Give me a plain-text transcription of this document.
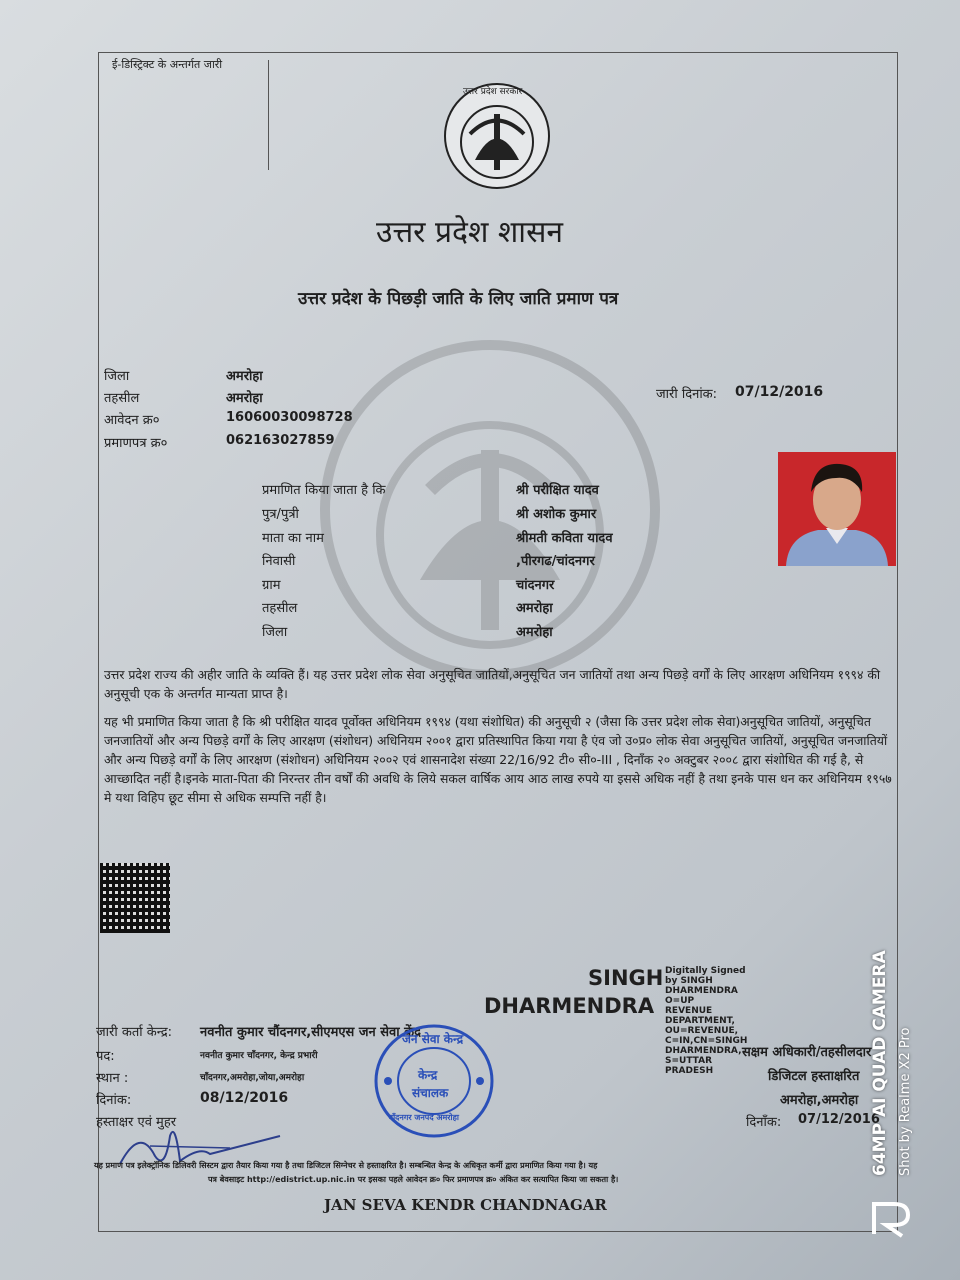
ई-डिस्ट्रिक्ट के अन्तर्गत जारी
उत्तर प्रदेश सरकार
उत्तर प्रदेश शासन
उत्तर प्रदेश के पिछड़ी जाति के लिए जाति प्रमाण पत्र
जिला	अमरोहा
तहसील	अमरोहा
आवेदन क्र०	16060030098728
प्रमाणपत्र क्र०	062163027859
जारी दिनांक: 07/12/2016
प्रमाणित किया जाता है कि	श्री परीक्षित यादव
पुत्र/पुत्री	श्री अशोक कुमार
माता का नाम	श्रीमती कविता यादव
निवासी	,पीरगढ/चांदनगर
ग्राम	चांदनगर
तहसील	अमरोहा
जिला	अमरोहा
उत्तर प्रदेश राज्य की अहीर जाति के व्यक्ति हैं। यह उत्तर प्रदेश लोक सेवा अनुसूचित जातियों,अनुसूचित जन जातियों तथा अन्य पिछड़े वर्गों के लिए आरक्षण अधिनियम १९९४ की अनुसूची एक के अन्तर्गत मान्यता प्राप्त है।
यह भी प्रमाणित किया जाता है कि श्री परीक्षित यादव पूर्वोक्त अधिनियम १९९४ (यथा संशोधित) की अनुसूची २ (जैसा कि उत्तर प्रदेश लोक सेवा)अनुसूचित जातियों, अनुसूचित जनजातियों और अन्य पिछड़े वर्गों के लिए आरक्षण (संशोधन) अधिनियम २००१ द्वारा प्रतिस्थापित किया गया है एंव जो उ०प्र० लोक सेवा अनुसूचित जातियों, अनुसूचित जनजातियों और अन्य पिछड़े वर्गों के लिए आरक्षण (संशोधन) अधिनियम २००२ एवं शासनादेश संख्या 22/16/92 टी० सी०-III , दिनाँक २० अक्टुबर २००८ द्वारा संशोधित की गई है, से आच्छादित नहीं है।इनके माता-पिता की निरन्तर तीन वर्षों की अवधि के लिये सकल वार्षिक आय आठ लाख रुपये या इससे अधिक नहीं है तथा इनके पास धन कर अधिनियम १९५७ मे यथा विहिप छूट सीमा से अधिक सम्पत्ति नहीं है।
SINGH
DHARMENDRA
Digitally Signed
by SINGH
DHARMENDRA
O=UP
REVENUE
DEPARTMENT,
OU=REVENUE,
C=IN,CN=SINGH
DHARMENDRA,
S=UTTAR
PRADESH
जारी कर्ता केन्द्र: नवनीत कुमार चौंदनगर,सीएमएस जन सेवा केंद्र
पद:	नवनीत कुमार चाँदनगर, केन्द्र प्रभारी
स्थान :	चाँदनगर,अमरोहा,जोया,अमरोहा
दिनांक:	08/12/2016
हस्ताक्षर एवं मुहर
जन सेवा केन्द्र
केन्द्र
संचालक
चाँदनगर जनपद अमरोहा
सक्षम अधिकारी/तहसीलदार
डिजिटल हस्ताक्षरित
अमरोहा,अमरोहा
दिनाँक: 07/12/2016
यह प्रमाण पत्र इलेक्ट्रॉनिक डिलिवरी सिस्टम द्वारा तैयार किया गया है तथा डिजिटल सिग्नेचर से हस्ताक्षरित है। सम्बन्धित केन्द्र के अधिकृत कर्मी द्वारा प्रमाणित किया गया है। यह
पत्र बेवसाइट http://edistrict.up.nic.in पर इसका पहले आवेदन क्र० फिर प्रमाणपत्र क्र० अंकित कर सत्यापित किया जा सकता है।
JAN SEVA KENDR CHANDNAGAR
64MP AI QUAD CAMERA Shot by Realme X2 Pro
